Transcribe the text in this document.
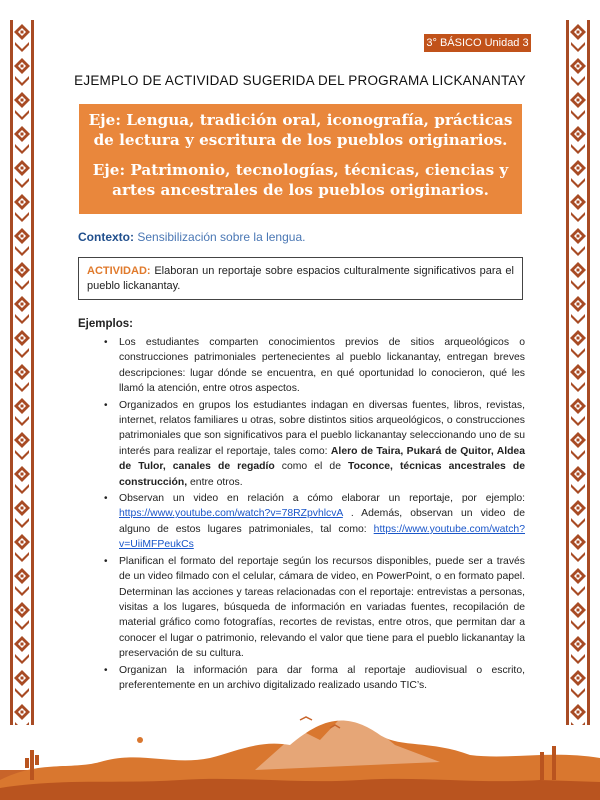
3° BÁSICO Unidad 3
EJEMPLO DE ACTIVIDAD SUGERIDA DEL PROGRAMA LICKANANTAY

Eje: Lengua, tradición oral, iconografía, prácticas de lectura y escritura de los pueblos originarios.

Eje: Patrimonio, tecnologías, técnicas, ciencias y artes ancestrales de los pueblos originarios.

Contexto: Sensibilización sobre la lengua.
ACTIVIDAD: Elaboran un reportaje sobre espacios culturalmente significativos para el pueblo lickanantay.
Ejemplos:
• Los estudiantes comparten conocimientos previos de sitios arqueológicos o construcciones patrimoniales pertenecientes al pueblo lickanantay, entregan breves descripciones: lugar dónde se encuentra, en qué oportunidad lo conocieron, qué les llamó la atención, entre otros aspectos.
• Organizados en grupos los estudiantes indagan en diversas fuentes, libros, revistas, internet, relatos familiares u otras, sobre distintos sitios arqueológicos, o construcciones patrimoniales que son significativos para el pueblo lickanantay seleccionando uno de su interés para realizar el reportaje, tales como: Alero de Taira, Pukará de Quitor, Aldea de Tulor, canales de regadío como el de Toconce, técnicas ancestrales de construcción, entre otros.
• Observan un video en relación a cómo elaborar un reportaje, por ejemplo: https://www.youtube.com/watch?v=78RZpvhlcvA . Además, observan un video de alguno de estos lugares patrimoniales, tal como: https://www.youtube.com/watch?v=UiiMFPeukCs
• Planifican el formato del reportaje según los recursos disponibles, puede ser a través de un video filmado con el celular, cámara de video, en PowerPoint, o en formato papel. Determinan las acciones y tareas relacionadas con el reportaje: entrevistas a personas, visitas a los lugares, búsqueda de información en variadas fuentes, recopilación de material gráfico como fotografías, recortes de revistas, entre otros, que permitan dar a conocer el lugar o patrimonio, relevando el valor que tiene para el pueblo lickanantay la preservación de su cultura.
• Organizan la información para dar forma al reportaje audiovisual o escrito, preferentemente en un archivo digitalizado realizado usando TIC’s.
